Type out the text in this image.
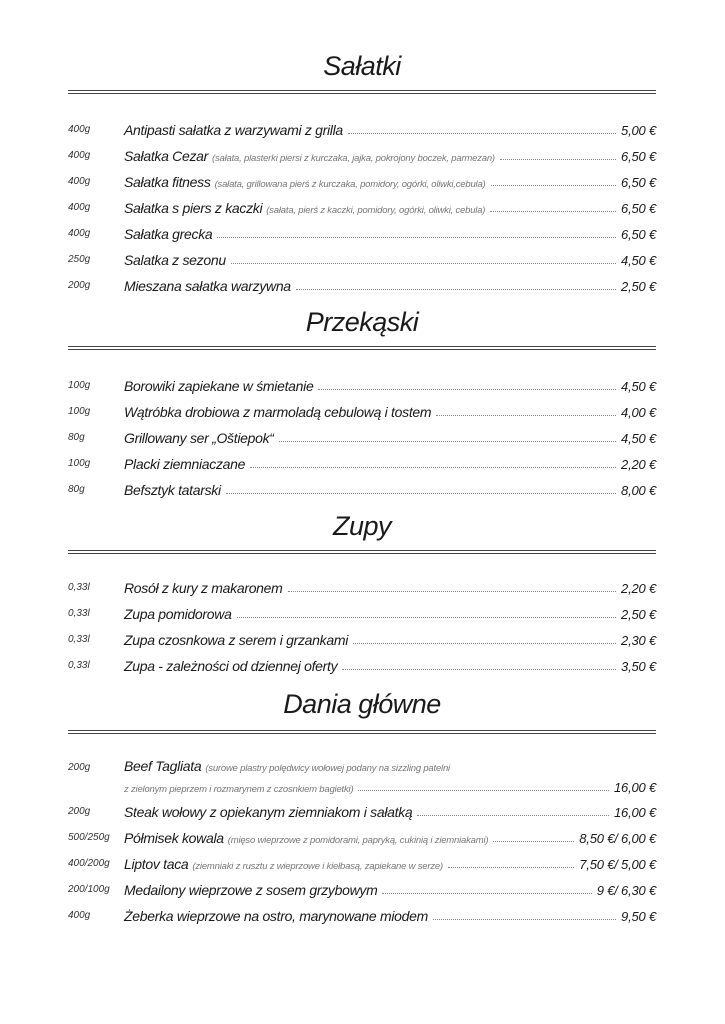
Sałatki
400g	Antipasti sałatka z warzywami z grilla	5,00 €
400g	Sałatka Cezar (sałata, plasterki piersi z kurczaka, jajka, pokrojony boczek, parmezan)	6,50 €
400g	Sałatka fitness (sałata, grillowana pierś z kurczaka, pomidory, ogórki, oliwki,cebula)	6,50 €
400g	Sałatka s piers z kaczki (sałata, pierś z kaczki, pomidory, ogórki, oliwki, cebula)	6,50 €
400g	Sałatka grecka	6,50 €
250g	Salatka z sezonu	4,50 €
200g	Mieszana sałatka warzywna	2,50 €
Przekąski
100g	Borowiki zapiekane w śmietanie	4,50 €
100g	Wątróbka drobiowa z marmoladą cebulową i tostem	4,00 €
80g	Grillowany ser „Oštiepok“	4,50 €
100g	Placki ziemniaczane	2,20 €
80g	Befsztyk tatarski	8,00 €
Zupy
0,33l	Rosół z kury z makaronem	2,20 €
0,33l	Zupa pomidorowa	2,50 €
0,33l	Zupa czosnkowa z serem i grzankami	2,30 €
0,33l	Zupa - zależności od dziennej oferty	3,50 €
Dania główne
200g	Beef Tagliata (surowe plastry polędwicy wołowej podany na sizzling patelni
z zielonym pieprzem i rozmarynem z czosnkiem bagietki)	16,00 €
200g	Steak wołowy z opiekanym ziemniakom i sałatką	16,00 €
500/250g	Półmisek kowala (mięso wieprzowe z pomidorami, papryką, cukinią i ziemniakami)	8,50 €/ 6,00 €
400/200g	Liptov taca (ziemniaki z rusztu z wieprzowe i kiełbasą, zapiekane w serze)	7,50 €/ 5,00 €
200/100g	Medailony wieprzowe z sosem grzybowym	9 €/ 6,30 €
400g	Żeberka wieprzowe na ostro, marynowane miodem	9,50 €
